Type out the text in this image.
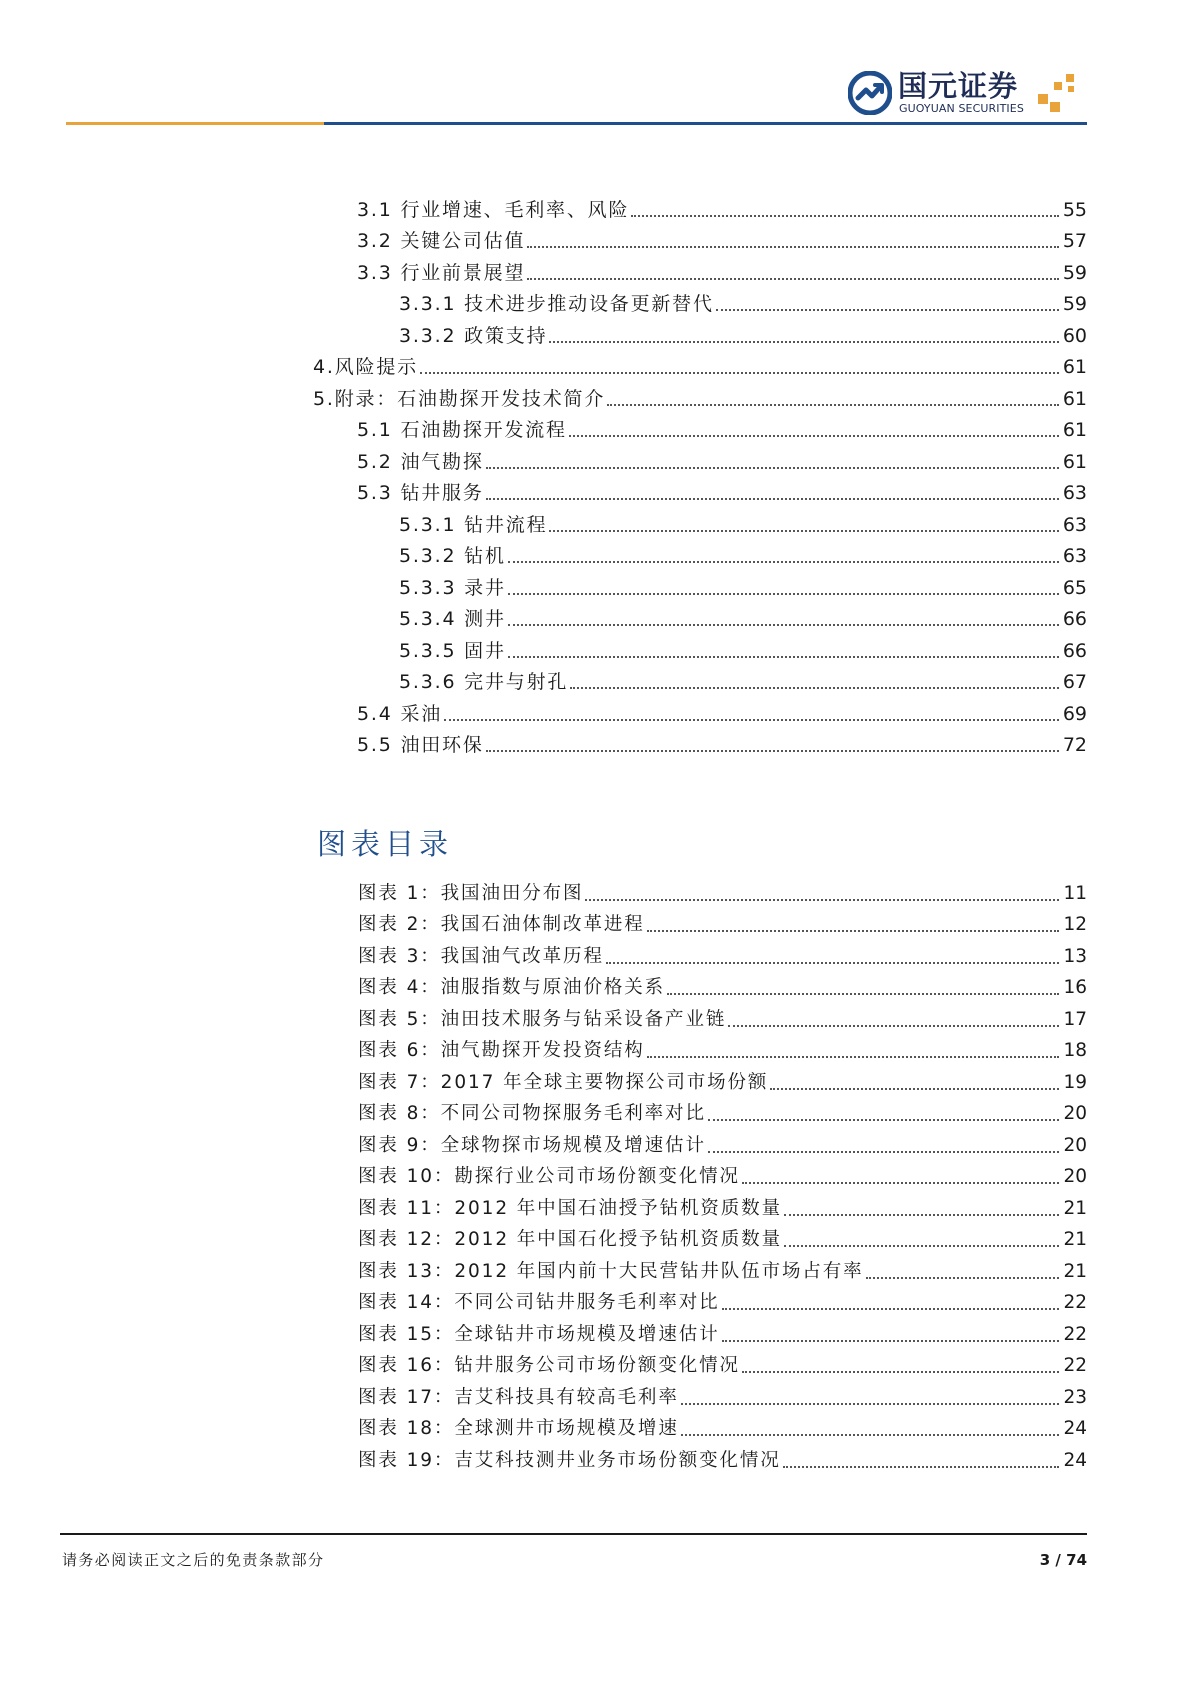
国元证券
GUOYUAN SECURITIES
3.1 行业增速、毛利率、风险	55
3.2 关键公司估值	57
3.3 行业前景展望	59
3.3.1 技术进步推动设备更新替代	59
3.3.2 政策支持	60
4.风险提示	61
5.附录：石油勘探开发技术简介	61
5.1 石油勘探开发流程	61
5.2 油气勘探	61
5.3 钻井服务	63
5.3.1 钻井流程	63
5.3.2 钻机	63
5.3.3 录井	65
5.3.4 测井	66
5.3.5 固井	66
5.3.6 完井与射孔	67
5.4 采油	69
5.5 油田环保	72
图表目录
图表 1：我国油田分布图	11
图表 2：我国石油体制改革进程	12
图表 3：我国油气改革历程	13
图表 4：油服指数与原油价格关系	16
图表 5：油田技术服务与钻采设备产业链	17
图表 6：油气勘探开发投资结构	18
图表 7：2017 年全球主要物探公司市场份额	19
图表 8：不同公司物探服务毛利率对比	20
图表 9：全球物探市场规模及增速估计	20
图表 10：勘探行业公司市场份额变化情况	20
图表 11：2012 年中国石油授予钻机资质数量	21
图表 12：2012 年中国石化授予钻机资质数量	21
图表 13：2012 年国内前十大民营钻井队伍市场占有率	21
图表 14：不同公司钻井服务毛利率对比	22
图表 15：全球钻井市场规模及增速估计	22
图表 16：钻井服务公司市场份额变化情况	22
图表 17：吉艾科技具有较高毛利率	23
图表 18：全球测井市场规模及增速	24
图表 19：吉艾科技测井业务市场份额变化情况	24
请务必阅读正文之后的免责条款部分	3 / 74
